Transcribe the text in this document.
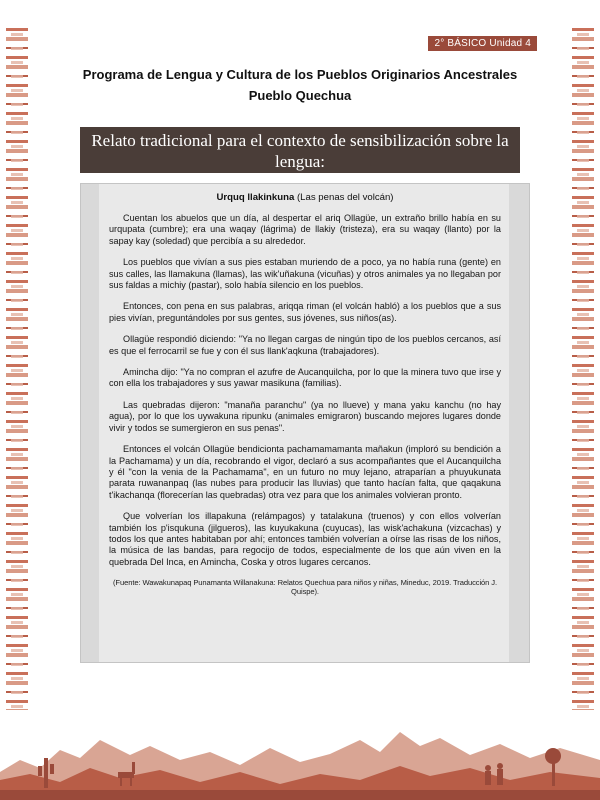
2° BÁSICO Unidad 4
Programa de Lengua y Cultura de los Pueblos Originarios Ancestrales
Pueblo Quechua
Relato tradicional para el contexto de sensibilización sobre la lengua:
Urquq llakinkuna (Las penas del volcán)

Cuentan los abuelos que un día, al despertar el ariq Ollagüe, un extraño brillo había en su urqupata (cumbre); era una waqay (lágrima) de llakiy (tristeza), era su waqay (llanto) por la sapay kay (soledad) que percibía a su alrededor.

Los pueblos que vivían a sus pies estaban muriendo de a poco, ya no había runa (gente) en sus calles, las llamakuna (llamas), las wik'uñakuna (vicuñas) y otros animales ya no llegaban por sus faldas a michiy (pastar), solo había silencio en los pueblos.

Entonces, con pena en sus palabras, ariqqa riman (el volcán habló) a los pueblos que a sus pies vivían, preguntándoles por sus gentes, sus jóvenes, sus niños(as).

Ollagüe respondió diciendo: "Ya no llegan cargas de ningún tipo de los pueblos cercanos, así es que el ferrocarril se fue y con él sus llank'aqkuna (trabajadores).

Amincha dijo: "Ya no compran el azufre de Aucanquilcha, por lo que la minera tuvo que irse y con ella los trabajadores y sus yawar masikuna (familias).

Las quebradas dijeron: "manaña paranchu" (ya no llueve) y mana yaku kanchu (no hay agua), por lo que los uywakuna ripunku (animales emigraron) buscando mejores lugares donde vivir y todos se sumergieron en sus penas".

Entonces el volcán Ollagüe bendicionta pachamamamanta mañakun (imploró su bendición a la Pachamama) y un día, recobrando el vigor, declaró a sus acompañantes que el Aucanquilcha y él "con la venia de la Pachamama", en un futuro no muy lejano, atraparían a phuyukunata parata ruwananpaq (las nubes para producir las lluvias) que tanto hacían falta, que qaqakuna t'ikachanqa (florecerían las quebradas) otra vez para que los animales volvieran pronto.

Que volverían los illapakuna (relámpagos) y tatalakuna (truenos) y con ellos volverían también los p'isqukuna (jilgueros), las kuyukakuna (cuyucas), las wisk'achakuna (vizcachas) y todos los que antes habitaban por ahí; entonces también volverían a oírse las risas de los niños, la música de las bandas, para regocijo de todos, especialmente de los que aún viven en la quebrada Del Inca, en Amincha, Coska y otros lugares cercanos.

(Fuente: Wawakunapaq Punamanta Willanakuna: Relatos Quechua para niños y niñas, Mineduc, 2019. Traducción J. Quispe).
